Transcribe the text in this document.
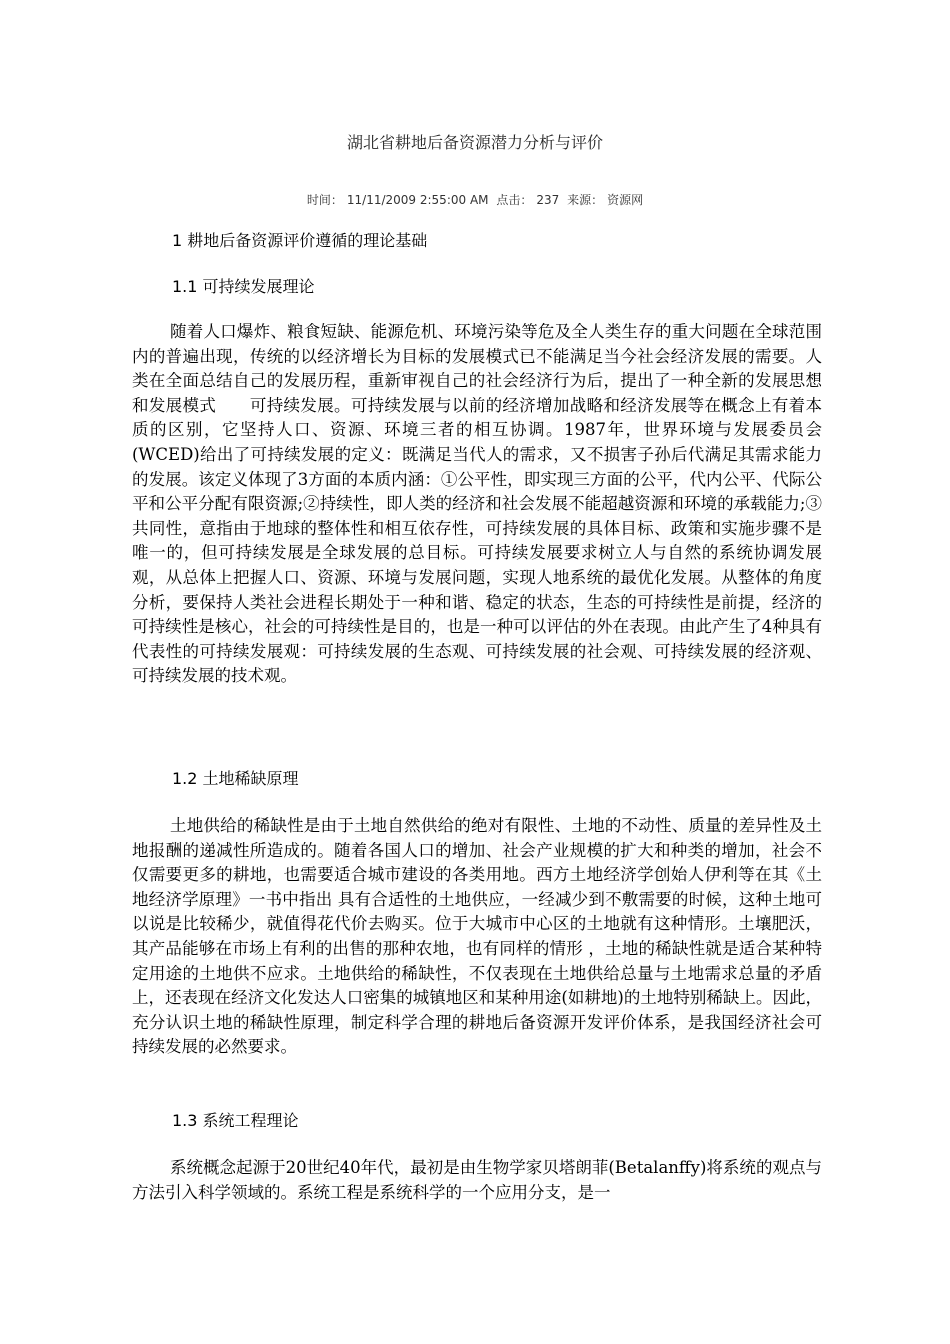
湖北省耕地后备资源潜力分析与评价
时间： 11/11/2009 2:55:00 AM 点击： 237 来源： 资源网
1 耕地后备资源评价遵循的理论基础
1.1 可持续发展理论

随着人口爆炸、粮食短缺、能源危机、环境污染等危及全人类生存的重大问题在全球范围内的普遍出现，传统的以经济增长为目标的发展模式已不能满足当今社会经济发展的需要。人类在全面总结自己的发展历程，重新审视自己的社会经济行为后，提出了一种全新的发展思想和发展模式　　可持续发展。可持续发展与以前的经济增加战略和经济发展等在概念上有着本质的区别，它坚持人口、资源、环境三者的相互协调。1987年，世界环境与发展委员会(WCED)给出了可持续发展的定义：既满足当代人的需求，又不损害子孙后代满足其需求能力的发展。该定义体现了3方面的本质内涵：①公平性，即实现三方面的公平，代内公平、代际公平和公平分配有限资源;②持续性，即人类的经济和社会发展不能超越资源和环境的承载能力;③共同性，意指由于地球的整体性和相互依存性，可持续发展的具体目标、政策和实施步骤不是唯一的，但可持续发展是全球发展的总目标。可持续发展要求树立人与自然的系统协调发展观，从总体上把握人口、资源、环境与发展问题，实现人地系统的最优化发展。从整体的角度分析，要保持人类社会进程长期处于一种和谐、稳定的状态，生态的可持续性是前提，经济的可持续性是核心，社会的可持续性是目的，也是一种可以评估的外在表现。由此产生了4种具有代表性的可持续发展观：可持续发展的生态观、可持续发展的社会观、可持续发展的经济观、可持续发展的技术观。

1.2 土地稀缺原理

土地供给的稀缺性是由于土地自然供给的绝对有限性、土地的不动性、质量的差异性及土地报酬的递减性所造成的。随着各国人口的增加、社会产业规模的扩大和种类的增加，社会不仅需要更多的耕地，也需要适合城市建设的各类用地。西方土地经济学创始人伊利等在其《土地经济学原理》一书中指出 具有合适性的土地供应，一经减少到不敷需要的时候，这种土地可以说是比较稀少，就值得花代价去购买。位于大城市中心区的土地就有这种情形。土壤肥沃，其产品能够在市场上有利的出售的那种农地，也有同样的情形 ，土地的稀缺性就是适合某种特定用途的土地供不应求。土地供给的稀缺性，不仅表现在土地供给总量与土地需求总量的矛盾上，还表现在经济文化发达人口密集的城镇地区和某种用途(如耕地)的土地特别稀缺上。因此，充分认识土地的稀缺性原理，制定科学合理的耕地后备资源开发评价体系，是我国经济社会可持续发展的必然要求。

1.3 系统工程理论

系统概念起源于20世纪40年代，最初是由生物学家贝塔朗菲(Betalanffy)将系统的观点与方法引入科学领域的。系统工程是系统科学的一个应用分支，是一
